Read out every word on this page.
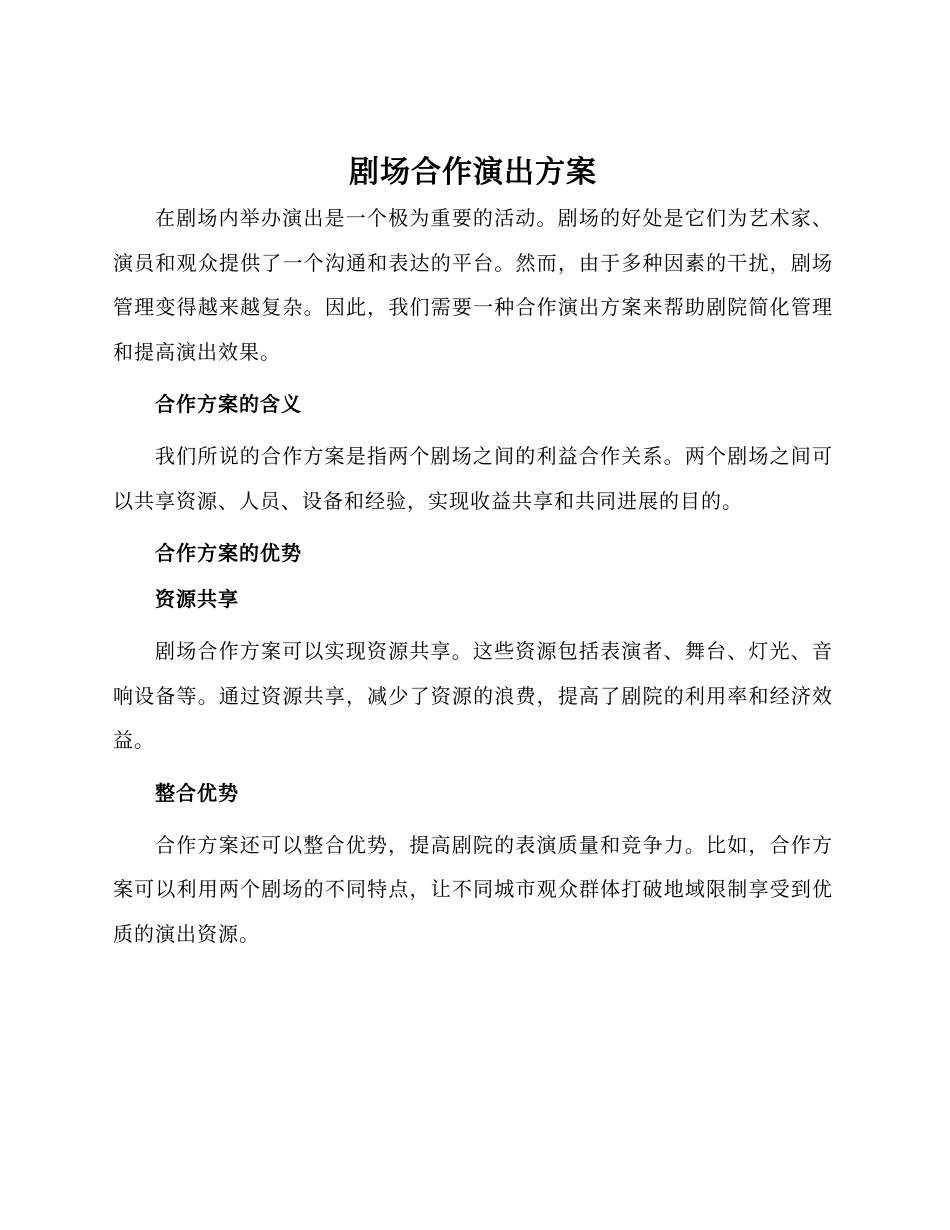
剧场合作演出方案

在剧场内举办演出是一个极为重要的活动。剧场的好处是它们为艺术家、演员和观众提供了一个沟通和表达的平台。然而，由于多种因素的干扰，剧场管理变得越来越复杂。因此，我们需要一种合作演出方案来帮助剧院简化管理和提高演出效果。

合作方案的含义

我们所说的合作方案是指两个剧场之间的利益合作关系。两个剧场之间可以共享资源、人员、设备和经验，实现收益共享和共同进展的目的。

合作方案的优势
资源共享

剧场合作方案可以实现资源共享。这些资源包括表演者、舞台、灯光、音响设备等。通过资源共享，减少了资源的浪费，提高了剧院的利用率和经济效益。

整合优势

合作方案还可以整合优势，提高剧院的表演质量和竞争力。比如，合作方案可以利用两个剧场的不同特点，让不同城市观众群体打破地域限制享受到优质的演出资源。
